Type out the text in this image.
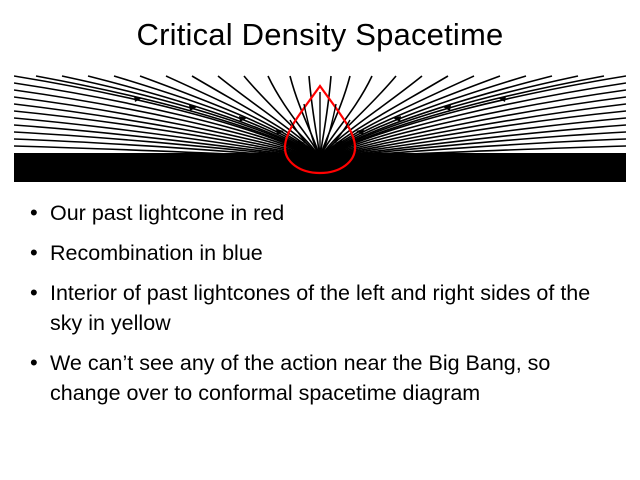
Critical Density Spacetime
• Our past lightcone in red
• Recombination in blue
• Interior of past lightcones of the left and right sides of the sky in yellow
• We can’t see any of the action near the Big Bang, so change over to conformal spacetime diagram
